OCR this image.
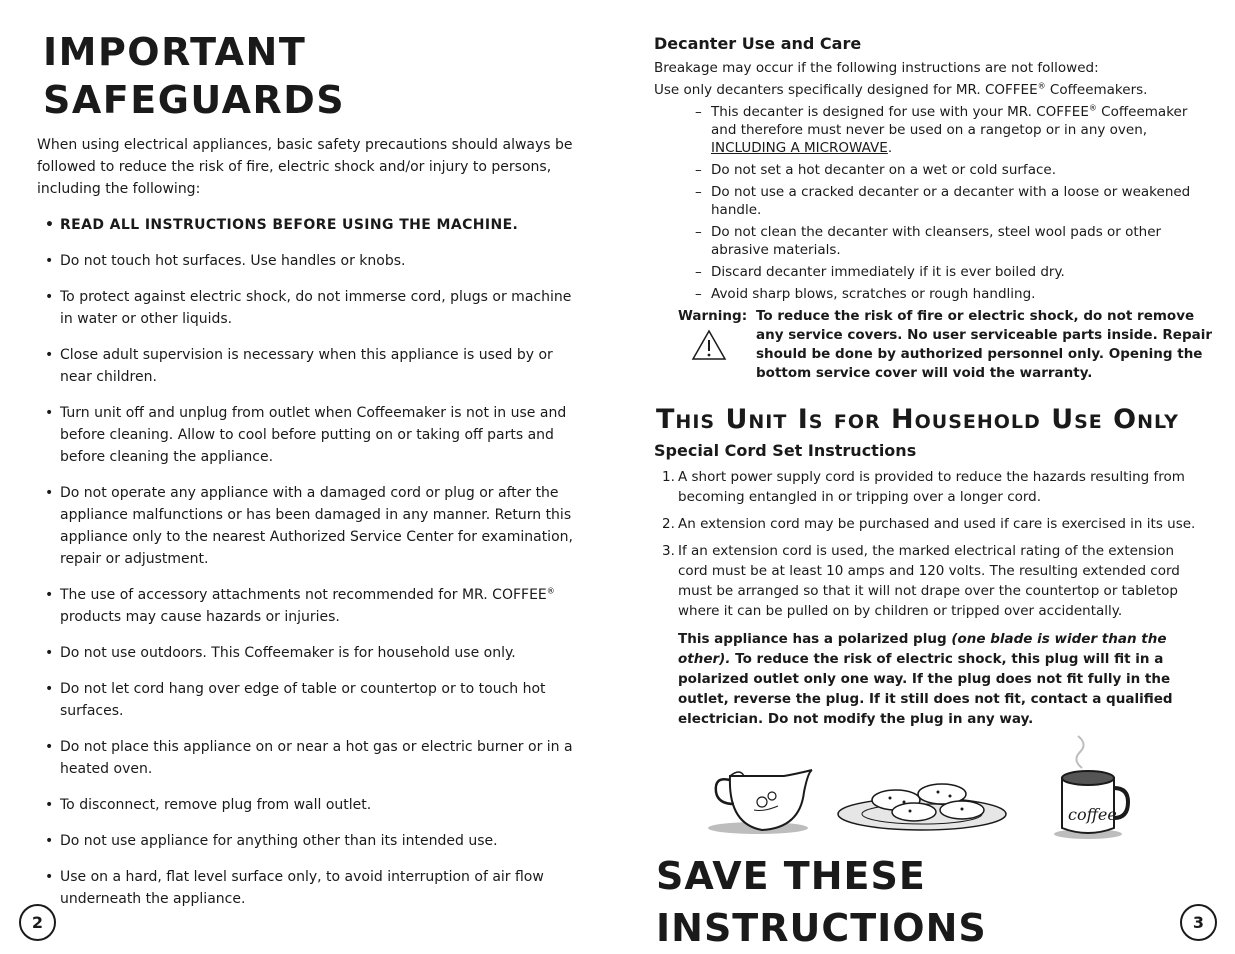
IMPORTANT SAFEGUARDS

When using electrical appliances, basic safety precautions should always be followed to reduce the risk of fire, electric shock and/or injury to persons, including the following:

• READ ALL INSTRUCTIONS BEFORE USING THE MACHINE.
• Do not touch hot surfaces. Use handles or knobs.
• To protect against electric shock, do not immerse cord, plugs or machine in water or other liquids.
• Close adult supervision is necessary when this appliance is used by or near children.
• Turn unit off and unplug from outlet when Coffeemaker is not in use and before cleaning. Allow to cool before putting on or taking off parts and before cleaning the appliance.
• Do not operate any appliance with a damaged cord or plug or after the appliance malfunctions or has been damaged in any manner. Return this appliance only to the nearest Authorized Service Center for examination, repair or adjustment.
• The use of accessory attachments not recommended for MR. COFFEE® products may cause hazards or injuries.
• Do not use outdoors. This Coffeemaker is for household use only.
• Do not let cord hang over edge of table or countertop or to touch hot surfaces.
• Do not place this appliance on or near a hot gas or electric burner or in a heated oven.
• To disconnect, remove plug from wall outlet.
• Do not use appliance for anything other than its intended use.
• Use on a hard, flat level surface only, to avoid interruption of air flow underneath the appliance.
2
Decanter Use and Care

Breakage may occur if the following instructions are not followed:

Use only decanters specifically designed for MR. COFFEE® Coffeemakers.

– This decanter is designed for use with your MR. COFFEE® Coffeemaker and therefore must never be used on a rangetop or in any oven, INCLUDING A MICROWAVE.
– Do not set a hot decanter on a wet or cold surface.
– Do not use a cracked decanter or a decanter with a loose or weakened handle.
– Do not clean the decanter with cleansers, steel wool pads or other abrasive materials.
– Discard decanter immediately if it is ever boiled dry.
– Avoid sharp blows, scratches or rough handling.
Warning: To reduce the risk of fire or electric shock, do not remove any service covers. No user serviceable parts inside. Repair should be done by authorized personnel only. Opening the bottom service cover will void the warranty.
This Unit Is for Household Use Only
Special Cord Set Instructions
1. A short power supply cord is provided to reduce the hazards resulting from becoming entangled in or tripping over a longer cord.
2. An extension cord may be purchased and used if care is exercised in its use.
3. If an extension cord is used, the marked electrical rating of the extension cord must be at least 10 amps and 120 volts. The resulting extended cord must be arranged so that it will not drape over the countertop or tabletop where it can be pulled on by children or tripped over accidentally.

This appliance has a polarized plug (one blade is wider than the other). To reduce the risk of electric shock, this plug will fit in a polarized outlet only one way. If the plug does not fit fully in the outlet, reverse the plug. If it still does not fit, contact a qualified electrician. Do not modify the plug in any way.

coffee
SAVE THESE INSTRUCTIONS	3
